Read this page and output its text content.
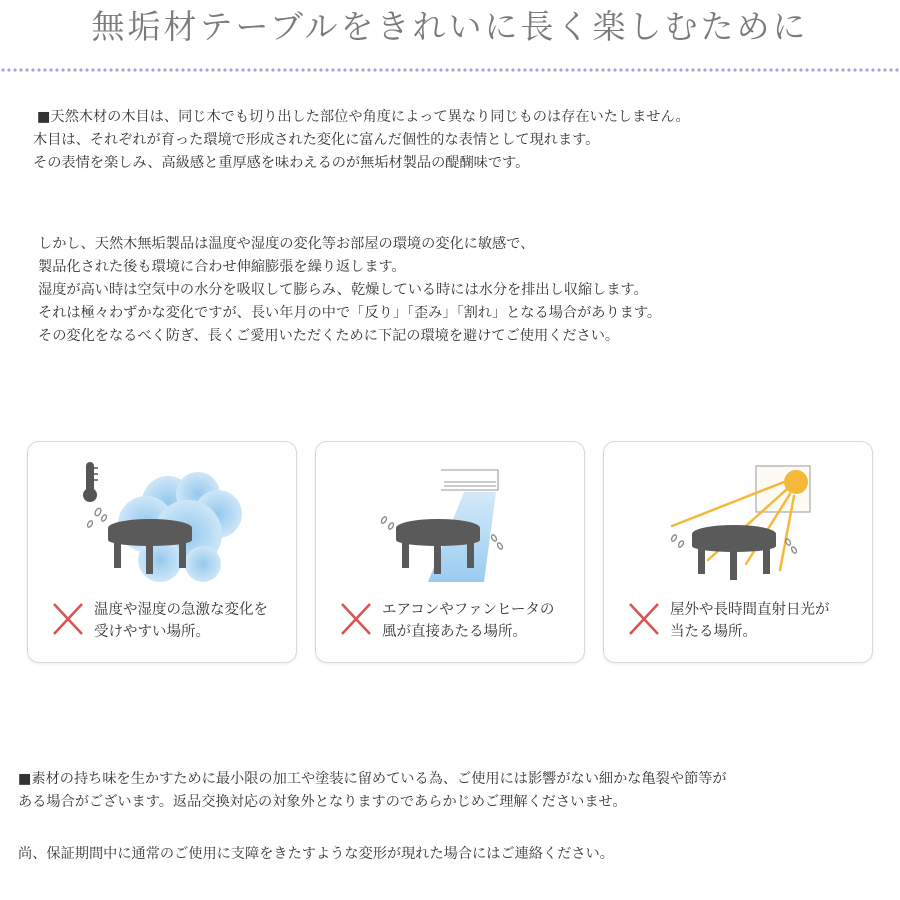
無垢材テーブルをきれいに長く楽しむために
■天然木材の木目は、同じ木でも切り出した部位や角度によって異なり同じものは存在いたしません。
木目は、それぞれが育った環境で形成された変化に富んだ個性的な表情として現れます。
その表情を楽しみ、高級感と重厚感を味わえるのが無垢材製品の醍醐味です。
しかし、天然木無垢製品は温度や湿度の変化等お部屋の環境の変化に敏感で、
製品化された後も環境に合わせ伸縮膨張を繰り返します。
湿度が高い時は空気中の水分を吸収して膨らみ、乾燥している時には水分を排出し収縮します。
それは極々わずかな変化ですが、長い年月の中で「反り」「歪み」「割れ」となる場合があります。
その変化をなるべく防ぎ、長くご愛用いただくために下記の環境を避けてご使用ください。
温度や湿度の急激な変化を
受けやすい場所。
エアコンやファンヒータの
風が直接あたる場所。
屋外や長時間直射日光が
当たる場所。
■素材の持ち味を生かすために最小限の加工や塗装に留めている為、ご使用には影響がない細かな亀裂や節等が
ある場合がございます。返品交換対応の対象外となりますのであらかじめご理解くださいませ。
尚、保証期間中に通常のご使用に支障をきたすような変形が現れた場合にはご連絡ください。
